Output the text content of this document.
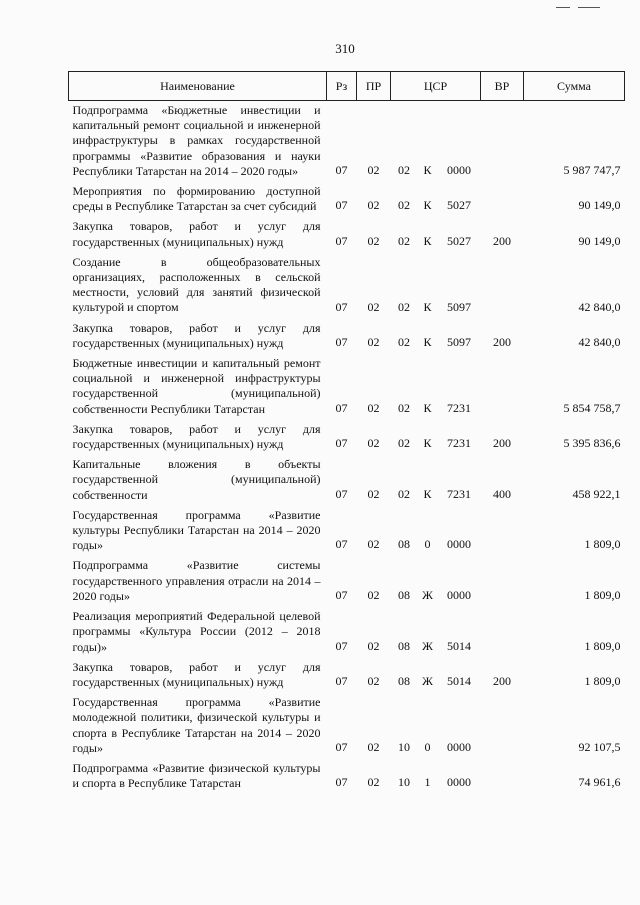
310
Наименование	Рз	ПР	ЦСР			ВР	Сумма

Подпрограмма «Бюджетные инвестиции и капитальный ремонт социальной и инженерной инфраструктуры в рамках государственной программы «Развитие образования и науки Республики Татарстан на 2014 – 2020 годы»	07	02	02	К	0000		5 987 747,7

Мероприятия по формированию доступной среды в Республике Татарстан за счет субсидий	07	02	02	К	5027		90 149,0

Закупка товаров, работ и услуг для государственных (муниципальных) нужд	07	02	02	К	5027	200	90 149,0

Создание в общеобразовательных организациях, расположенных в сельской местности, условий для занятий физической культурой и спортом	07	02	02	К	5097		42 840,0

Закупка товаров, работ и услуг для государственных (муниципальных) нужд	07	02	02	К	5097	200	42 840,0

Бюджетные инвестиции и капитальный ремонт социальной и инженерной инфраструктуры государственной (муниципальной) собственности Республики Татарстан	07	02	02	К	7231		5 854 758,7

Закупка товаров, работ и услуг для государственных (муниципальных) нужд	07	02	02	К	7231	200	5 395 836,6

Капитальные вложения в объекты государственной (муниципальной) собственности	07	02	02	К	7231	400	458 922,1

Государственная программа «Развитие культуры Республики Татарстан на 2014 – 2020 годы»	07	02	08	0	0000		1 809,0

Подпрограмма «Развитие системы государственного управления отрасли на 2014 – 2020 годы»	07	02	08	Ж	0000		1 809,0

Реализация мероприятий Федеральной целевой программы «Культура России (2012 – 2018 годы)»	07	02	08	Ж	5014		1 809,0

Закупка товаров, работ и услуг для государственных (муниципальных) нужд	07	02	08	Ж	5014	200	1 809,0

Государственная программа «Развитие молодежной политики, физической культуры и спорта в Республике Татарстан на 2014 – 2020 годы»	07	02	10	0	0000		92 107,5

Подпрограмма «Развитие физической культуры и спорта в Республике Татарстан	07	02	10	1	0000		74 961,6
